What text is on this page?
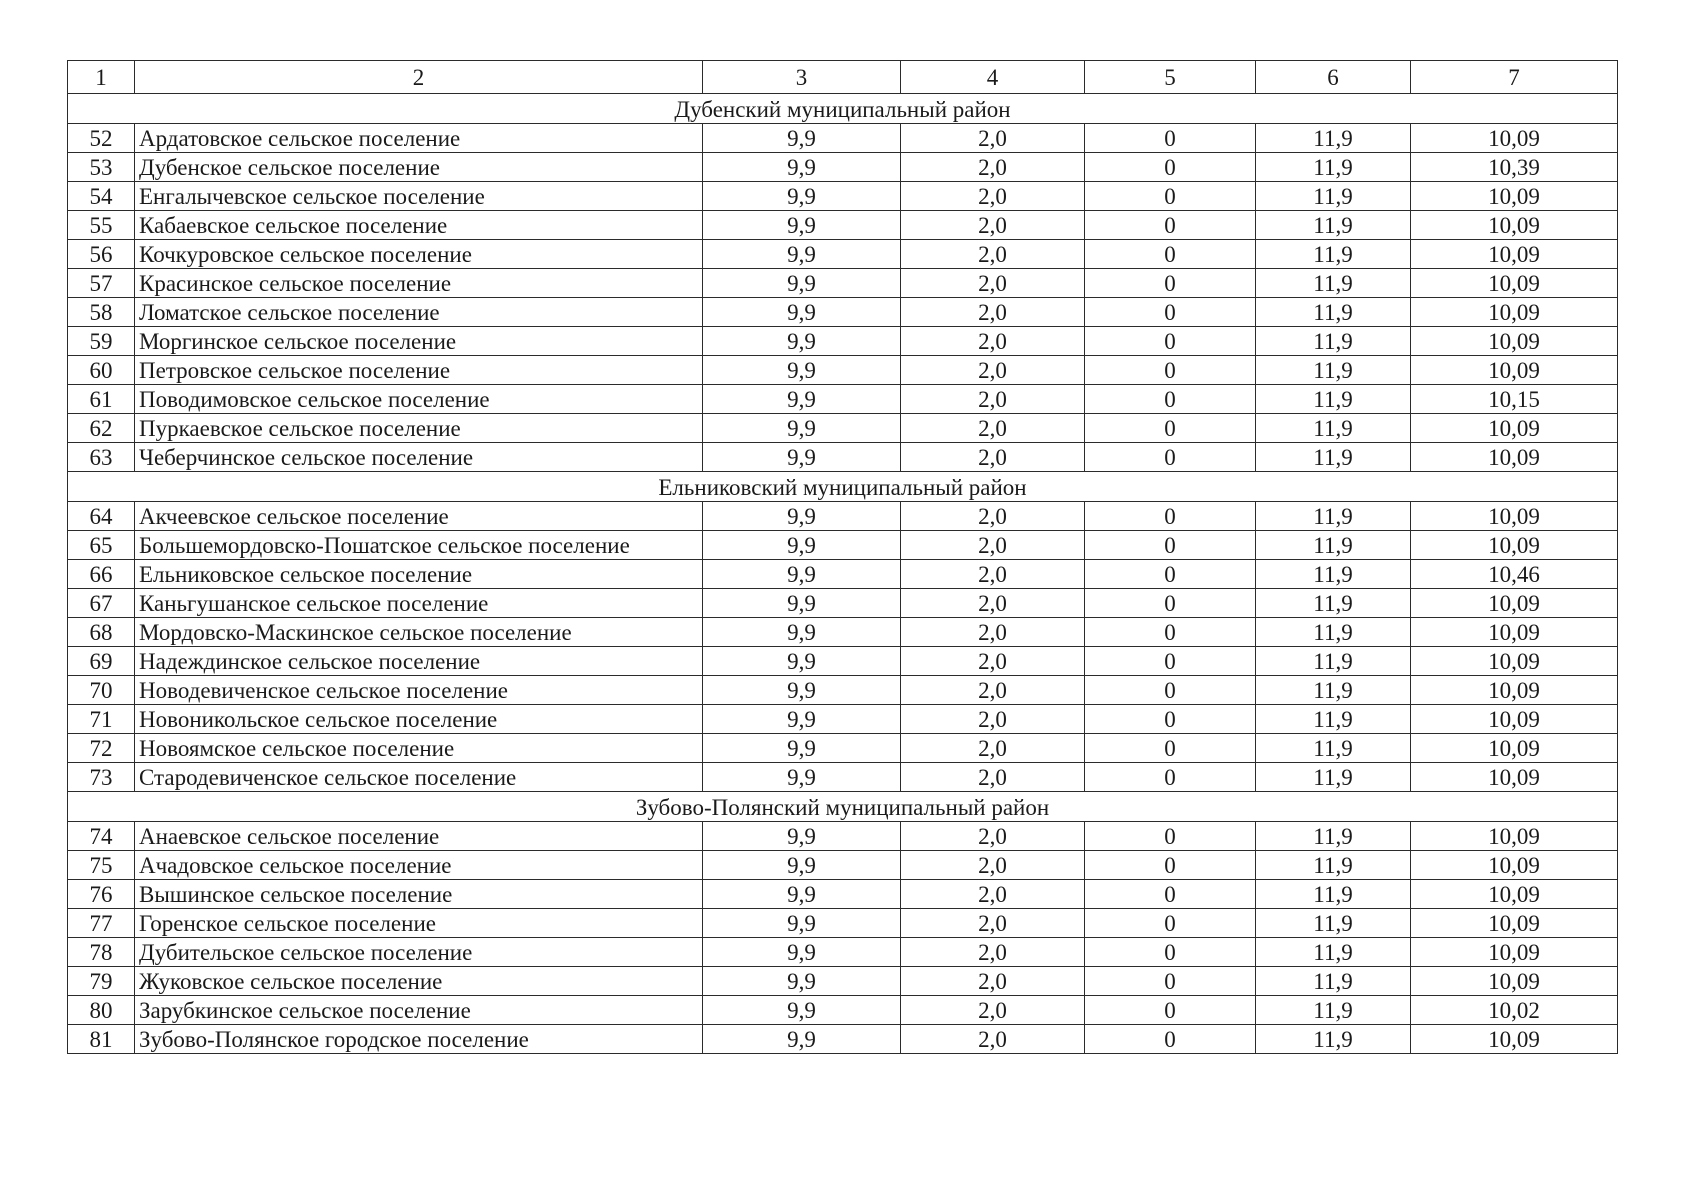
1	2	3	4	5	6	7
Дубенский муниципальный район						
52	Ардатовское сельское поселение	9,9	2,0	0	11,9	10,09
53	Дубенское сельское поселение	9,9	2,0	0	11,9	10,39
54	Енгалычевское сельское поселение	9,9	2,0	0	11,9	10,09
55	Кабаевское сельское поселение	9,9	2,0	0	11,9	10,09
56	Кочкуровское сельское поселение	9,9	2,0	0	11,9	10,09
57	Красинское сельское поселение	9,9	2,0	0	11,9	10,09
58	Ломатское сельское поселение	9,9	2,0	0	11,9	10,09
59	Моргинское сельское поселение	9,9	2,0	0	11,9	10,09
60	Петровское сельское поселение	9,9	2,0	0	11,9	10,09
61	Поводимовское сельское поселение	9,9	2,0	0	11,9	10,15
62	Пуркаевское сельское поселение	9,9	2,0	0	11,9	10,09
63	Чеберчинское сельское поселение	9,9	2,0	0	11,9	10,09
Ельниковский муниципальный район						
64	Акчеевское сельское поселение	9,9	2,0	0	11,9	10,09
65	Большемордовско-Пошатское сельское поселение	9,9	2,0	0	11,9	10,09
66	Ельниковское сельское поселение	9,9	2,0	0	11,9	10,46
67	Каньгушанское сельское поселение	9,9	2,0	0	11,9	10,09
68	Мордовско-Маскинское сельское поселение	9,9	2,0	0	11,9	10,09
69	Надеждинское сельское поселение	9,9	2,0	0	11,9	10,09
70	Новодевиченское сельское поселение	9,9	2,0	0	11,9	10,09
71	Новоникольское сельское поселение	9,9	2,0	0	11,9	10,09
72	Новоямское сельское поселение	9,9	2,0	0	11,9	10,09
73	Стародевиченское сельское поселение	9,9	2,0	0	11,9	10,09
Зубово-Полянский муниципальный район						
74	Анаевское сельское поселение	9,9	2,0	0	11,9	10,09
75	Ачадовское сельское поселение	9,9	2,0	0	11,9	10,09
76	Вышинское сельское поселение	9,9	2,0	0	11,9	10,09
77	Горенское сельское поселение	9,9	2,0	0	11,9	10,09
78	Дубительское сельское поселение	9,9	2,0	0	11,9	10,09
79	Жуковское сельское поселение	9,9	2,0	0	11,9	10,09
80	Зарубкинское сельское поселение	9,9	2,0	0	11,9	10,02
81	Зубово-Полянское городское поселение	9,9	2,0	0	11,9	10,09
